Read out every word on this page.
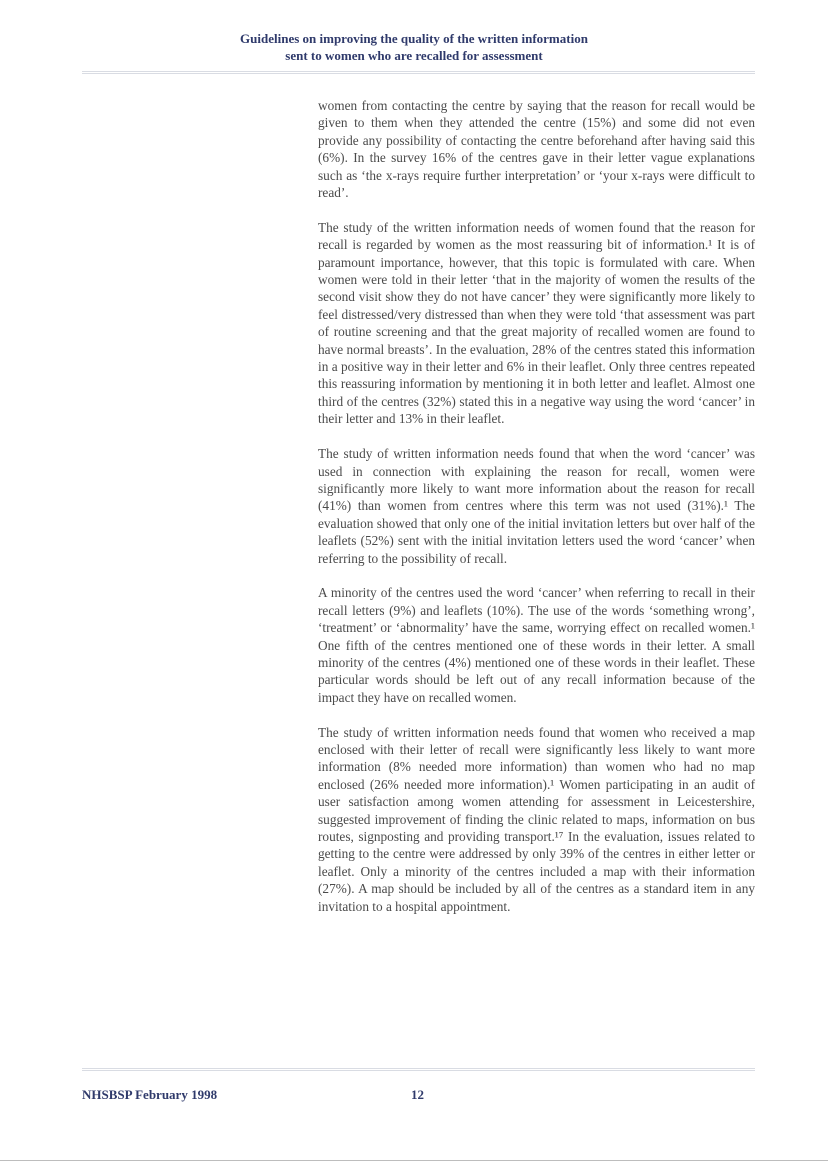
Guidelines on improving the quality of the written information
sent to women who are recalled for assessment

women from contacting the centre by saying that the reason for recall would be given to them when they attended the centre (15%) and some did not even provide any possibility of contacting the centre beforehand after having said this (6%). In the survey 16% of the centres gave in their letter vague explanations such as ‘the x-rays require further interpretation’ or ‘your x-rays were difficult to read’.

The study of the written information needs of women found that the reason for recall is regarded by women as the most reassuring bit of information.¹ It is of paramount importance, however, that this topic is formulated with care. When women were told in their letter ‘that in the majority of women the results of the second visit show they do not have cancer’ they were significantly more likely to feel distressed/very distressed than when they were told ‘that assessment was part of routine screening and that the great majority of recalled women are found to have normal breasts’. In the evaluation, 28% of the centres stated this information in a positive way in their letter and 6% in their leaflet. Only three centres repeated this reassuring information by mentioning it in both letter and leaflet. Almost one third of the centres (32%) stated this in a negative way using the word ‘cancer’ in their letter and 13% in their leaflet.

The study of written information needs found that when the word ‘cancer’ was used in connection with explaining the reason for recall, women were significantly more likely to want more information about the reason for recall (41%) than women from centres where this term was not used (31%).¹ The evaluation showed that only one of the initial invitation letters but over half of the leaflets (52%) sent with the initial invitation letters used the word ‘cancer’ when referring to the possibility of recall.

A minority of the centres used the word ‘cancer’ when referring to recall in their recall letters (9%) and leaflets (10%). The use of the words ‘something wrong’, ‘treatment’ or ‘abnormality’ have the same, worrying effect on recalled women.¹ One fifth of the centres mentioned one of these words in their letter. A small minority of the centres (4%) mentioned one of these words in their leaflet. These particular words should be left out of any recall information because of the impact they have on recalled women.

The study of written information needs found that women who received a map enclosed with their letter of recall were significantly less likely to want more information (8% needed more information) than women who had no map enclosed (26% needed more information).¹ Women participating in an audit of user satisfaction among women attending for assessment in Leicestershire, suggested improvement of finding the clinic related to maps, information on bus routes, signposting and providing transport.¹⁷ In the evaluation, issues related to getting to the centre were addressed by only 39% of the centres in either letter or leaflet. Only a minority of the centres included a map with their information (27%). A map should be included by all of the centres as a standard item in any invitation to a hospital appointment.

NHSBSP February 1998	12
